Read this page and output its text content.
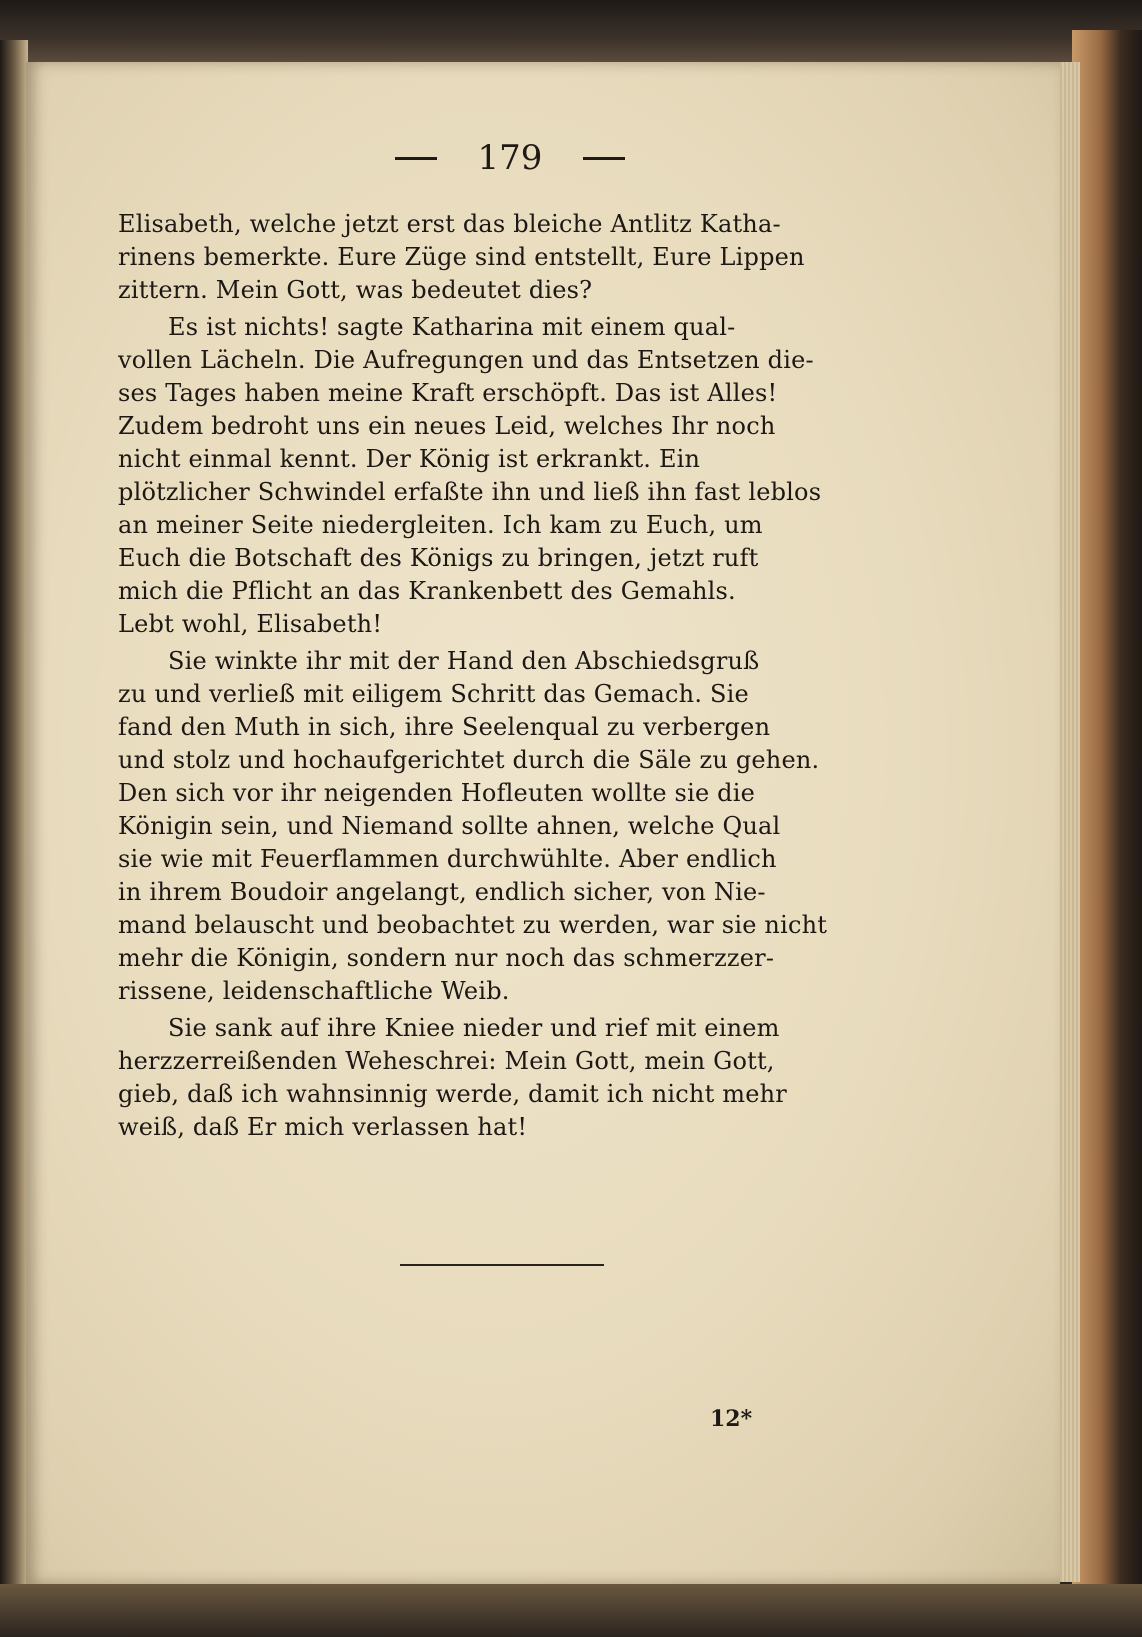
179
Elisabeth, welche jetzt erst das bleiche Antlitz Katha-
rinens bemerkte. Eure Züge sind entstellt, Eure Lippen
zittern. Mein Gott, was bedeutet dies?
Es ist nichts! sagte Katharina mit einem qual-
vollen Lächeln. Die Aufregungen und das Entsetzen die-
ses Tages haben meine Kraft erschöpft. Das ist Alles!
Zudem bedroht uns ein neues Leid, welches Ihr noch
nicht einmal kennt. Der König ist erkrankt. Ein
plötzlicher Schwindel erfaßte ihn und ließ ihn fast leblos
an meiner Seite niedergleiten. Ich kam zu Euch, um
Euch die Botschaft des Königs zu bringen, jetzt ruft
mich die Pflicht an das Krankenbett des Gemahls.
Lebt wohl, Elisabeth!
Sie winkte ihr mit der Hand den Abschiedsgruß
zu und verließ mit eiligem Schritt das Gemach. Sie
fand den Muth in sich, ihre Seelenqual zu verbergen
und stolz und hochaufgerichtet durch die Säle zu gehen.
Den sich vor ihr neigenden Hofleuten wollte sie die
Königin sein, und Niemand sollte ahnen, welche Qual
sie wie mit Feuerflammen durchwühlte. Aber endlich
in ihrem Boudoir angelangt, endlich sicher, von Nie-
mand belauscht und beobachtet zu werden, war sie nicht
mehr die Königin, sondern nur noch das schmerzzer-
rissene, leidenschaftliche Weib.
Sie sank auf ihre Kniee nieder und rief mit einem
herzzerreißenden Weheschrei: Mein Gott, mein Gott,
gieb, daß ich wahnsinnig werde, damit ich nicht mehr
weiß, daß Er mich verlassen hat!
12*
